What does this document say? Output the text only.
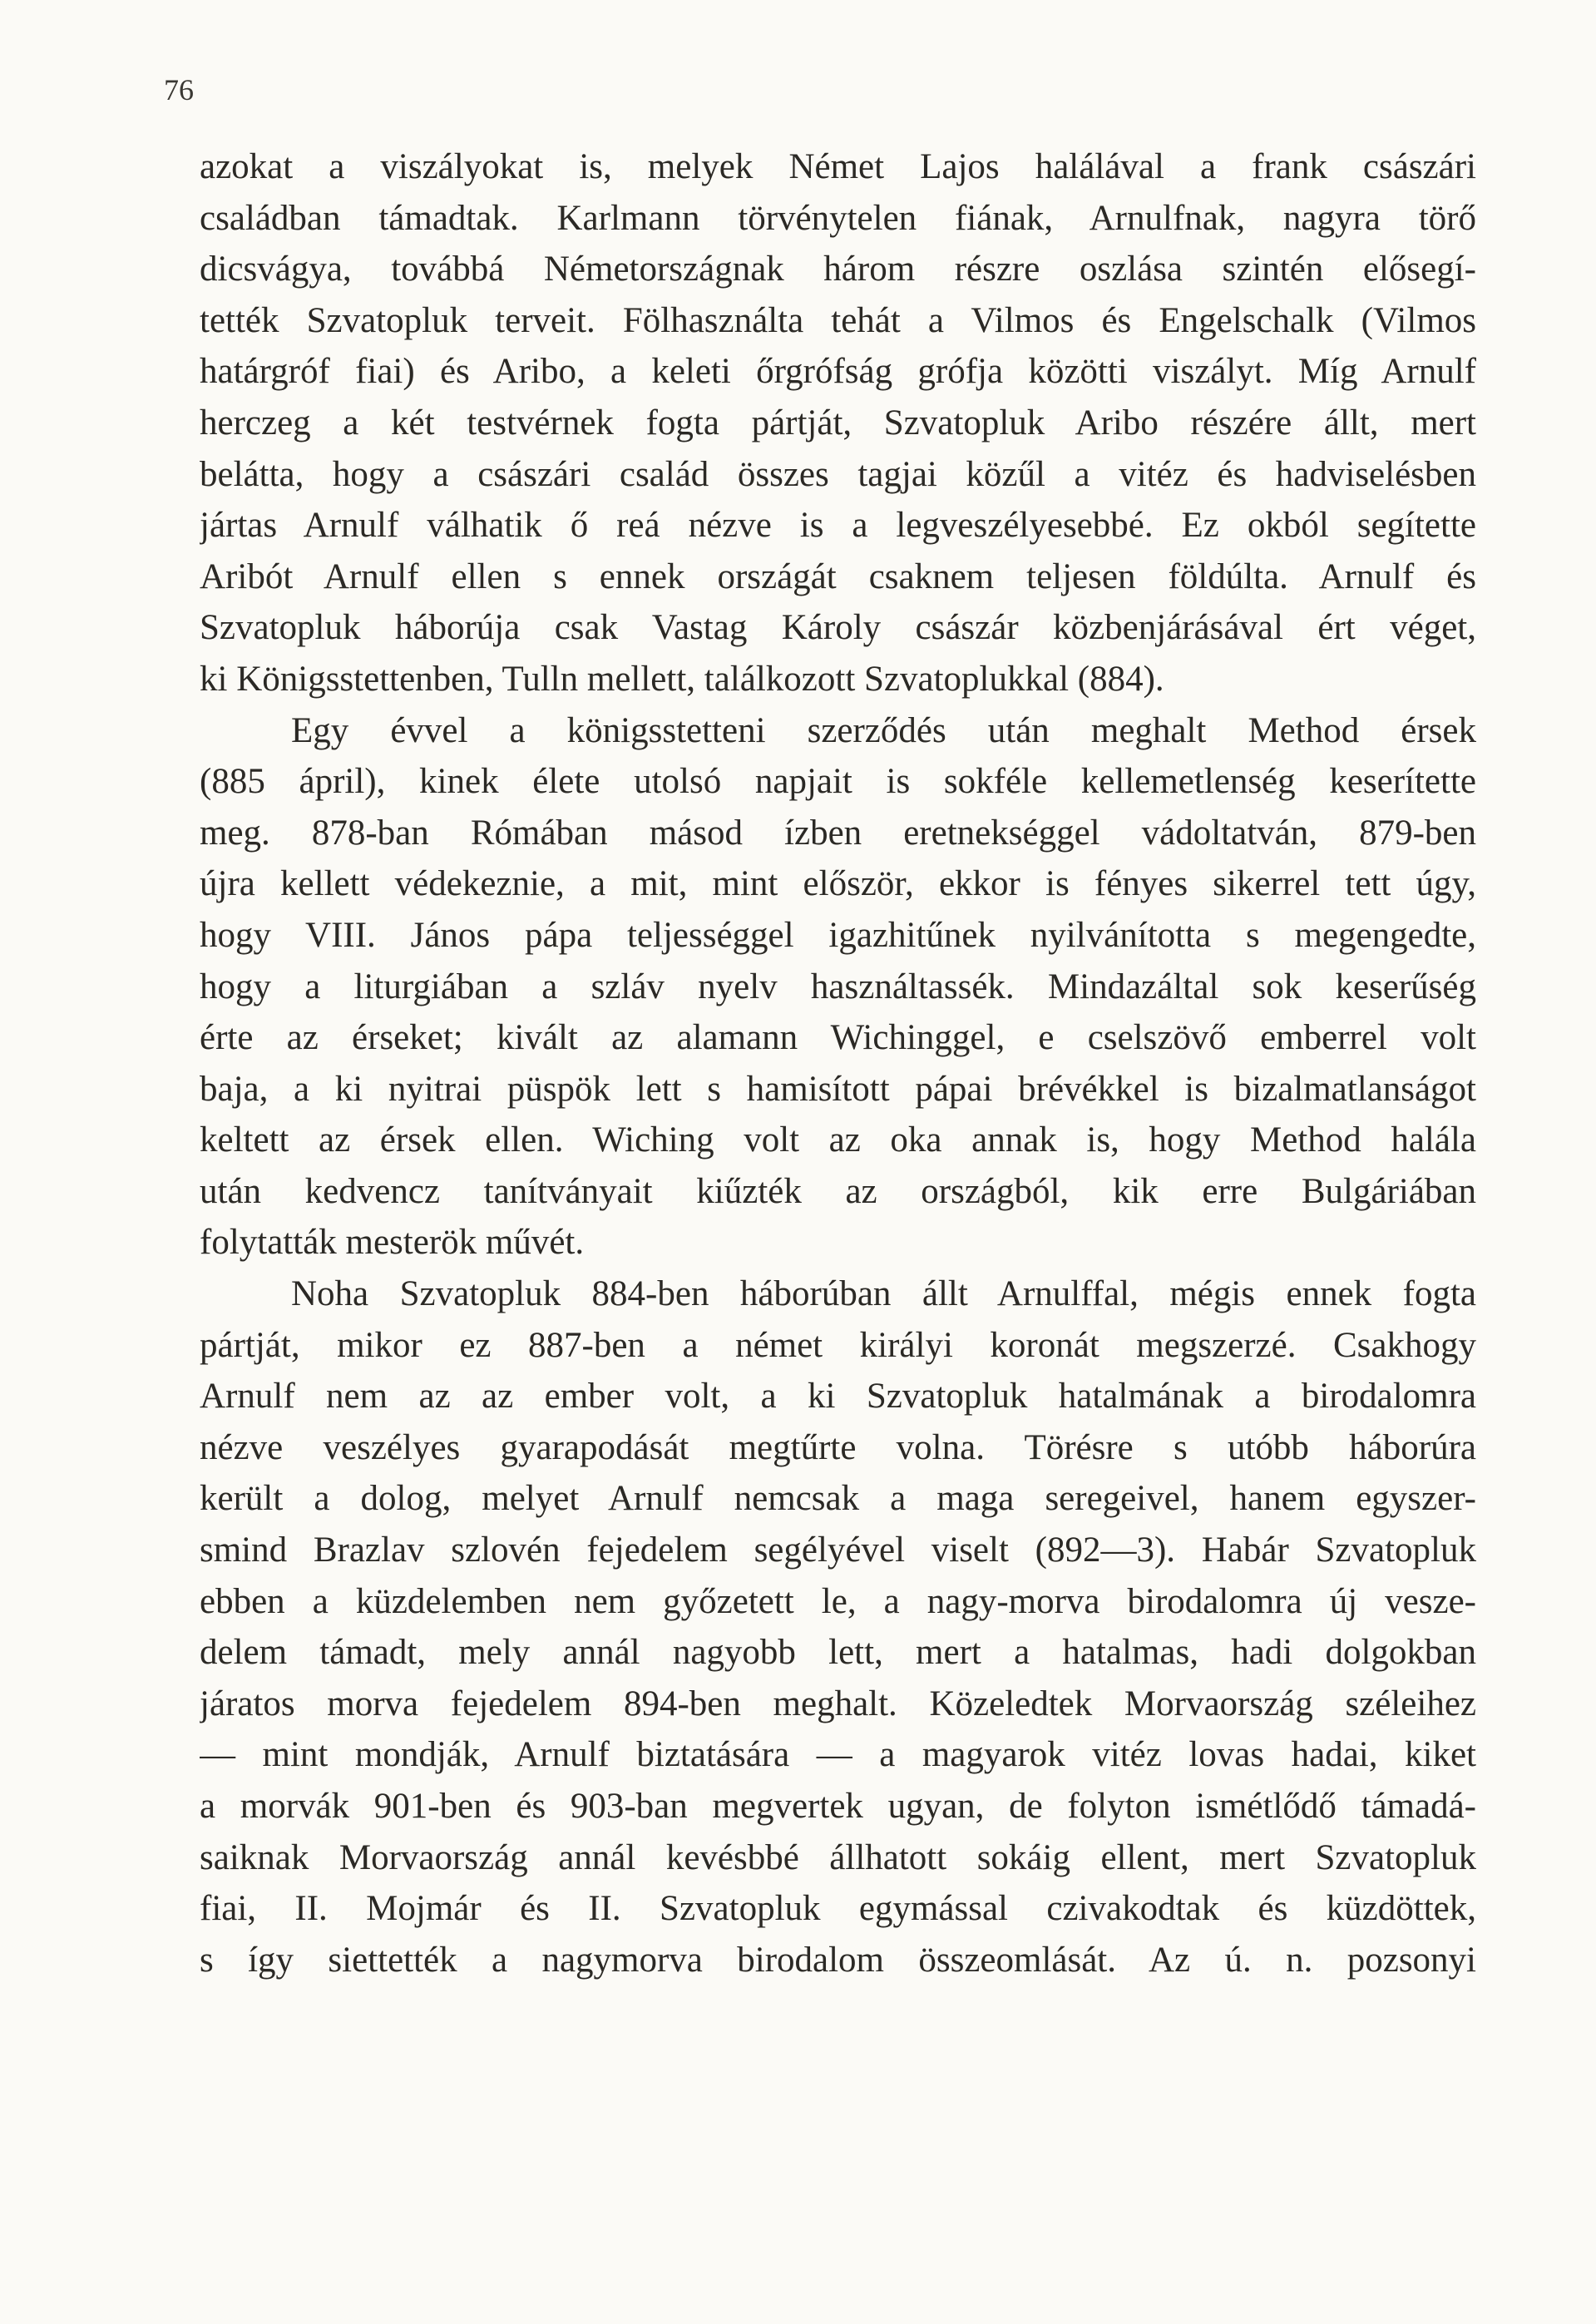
76
azokat a viszályokat is, melyek Német Lajos halálával a frank császári
családban támadtak. Karlmann törvénytelen fiának, Arnulfnak, nagyra törő
dicsvágya, továbbá Németországnak három részre oszlása szintén elősegí-
tették Szvatopluk terveit. Fölhasználta tehát a Vilmos és Engelschalk (Vilmos
határgróf fiai) és Aribo, a keleti őrgrófság grófja közötti viszályt. Míg Arnulf
herczeg a két testvérnek fogta pártját, Szvatopluk Aribo részére állt, mert
belátta, hogy a császári család összes tagjai közűl a vitéz és hadviselésben
jártas Arnulf válhatik ő reá nézve is a legveszélyesebbé. Ez okból segítette
Aribót Arnulf ellen s ennek országát csaknem teljesen földúlta. Arnulf és
Szvatopluk háborúja csak Vastag Károly császár közbenjárásával ért véget,
ki Königsstettenben, Tulln mellett, találkozott Szvatoplukkal (884).
Egy évvel a königsstetteni szerződés után meghalt Method érsek
(885 ápril), kinek élete utolsó napjait is sokféle kellemetlenség keserítette
meg. 878-ban Rómában másod ízben eretnekséggel vádoltatván, 879-ben
újra kellett védekeznie, a mit, mint először, ekkor is fényes sikerrel tett úgy,
hogy VIII. János pápa teljességgel igazhitűnek nyilvánította s megengedte,
hogy a liturgiában a szláv nyelv használtassék. Mindazáltal sok keserűség
érte az érseket; kivált az alamann Wichinggel, e cselszövő emberrel volt
baja, a ki nyitrai püspök lett s hamisított pápai brévékkel is bizalmatlanságot
keltett az érsek ellen. Wiching volt az oka annak is, hogy Method halála
után kedvencz tanítványait kiűzték az országból, kik erre Bulgáriában
folytatták mesterök művét.
Noha Szvatopluk 884-ben háborúban állt Arnulffal, mégis ennek fogta
pártját, mikor ez 887-ben a német királyi koronát megszerzé. Csakhogy
Arnulf nem az az ember volt, a ki Szvatopluk hatalmának a birodalomra
nézve veszélyes gyarapodását megtűrte volna. Törésre s utóbb háborúra
került a dolog, melyet Arnulf nemcsak a maga seregeivel, hanem egyszer-
smind Brazlav szlovén fejedelem segélyével viselt (892—3). Habár Szvatopluk
ebben a küzdelemben nem győzetett le, a nagy-morva birodalomra új vesze-
delem támadt, mely annál nagyobb lett, mert a hatalmas, hadi dolgokban
járatos morva fejedelem 894-ben meghalt. Közeledtek Morvaország széleihez
— mint mondják, Arnulf biztatására — a magyarok vitéz lovas hadai, kiket
a morvák 901-ben és 903-ban megvertek ugyan, de folyton ismétlődő támadá-
saiknak Morvaország annál kevésbbé állhatott sokáig ellent, mert Szvatopluk
fiai, II. Mojmár és II. Szvatopluk egymással czivakodtak és küzdöttek,
s így siettették a nagymorva birodalom összeomlását. Az ú. n. pozsonyi
